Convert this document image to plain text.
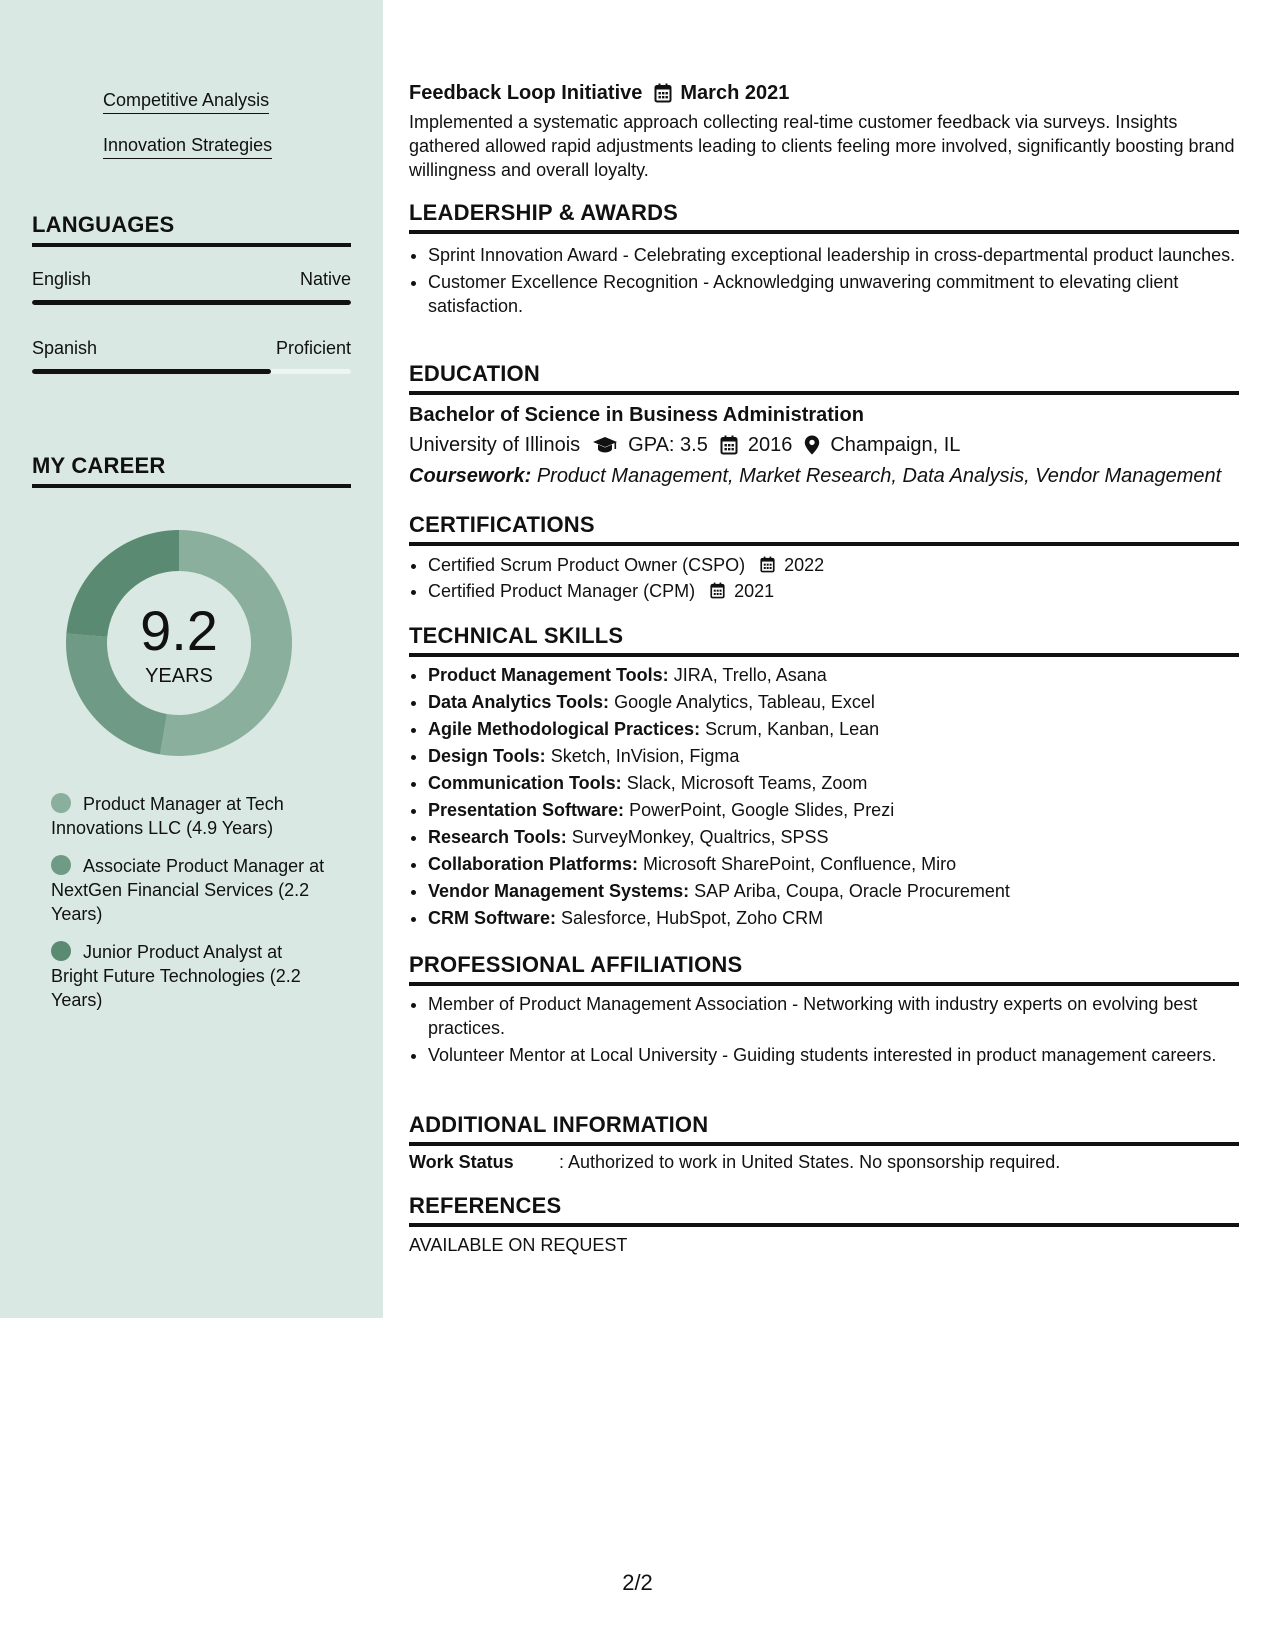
Competitive Analysis
Innovation Strategies
LANGUAGES
English	Native
Spanish	Proficient
MY CAREER
9.2
YEARS
Product Manager at Tech Innovations LLC (4.9 Years)
Associate Product Manager at NextGen Financial Services (2.2 Years)
Junior Product Analyst at Bright Future Technologies (2.2 Years)
Feedback Loop Initiative March 2021
Implemented a systematic approach collecting real-time customer feedback via surveys. Insights gathered allowed rapid adjustments leading to clients feeling more involved, significantly boosting brand willingness and overall loyalty.
LEADERSHIP & AWARDS
• Sprint Innovation Award - Celebrating exceptional leadership in cross-departmental product launches.
• Customer Excellence Recognition - Acknowledging unwavering commitment to elevating client satisfaction.
EDUCATION
Bachelor of Science in Business Administration
University of Illinois GPA: 3.5 2016 Champaign, IL
Coursework: Product Management, Market Research, Data Analysis, Vendor Management
CERTIFICATIONS
• Certified Scrum Product Owner (CSPO) 2022
• Certified Product Manager (CPM) 2021
TECHNICAL SKILLS
• Product Management Tools: JIRA, Trello, Asana
• Data Analytics Tools: Google Analytics, Tableau, Excel
• Agile Methodological Practices: Scrum, Kanban, Lean
• Design Tools: Sketch, InVision, Figma
• Communication Tools: Slack, Microsoft Teams, Zoom
• Presentation Software: PowerPoint, Google Slides, Prezi
• Research Tools: SurveyMonkey, Qualtrics, SPSS
• Collaboration Platforms: Microsoft SharePoint, Confluence, Miro
• Vendor Management Systems: SAP Ariba, Coupa, Oracle Procurement
• CRM Software: Salesforce, HubSpot, Zoho CRM
PROFESSIONAL AFFILIATIONS
• Member of Product Management Association - Networking with industry experts on evolving best practices.
• Volunteer Mentor at Local University - Guiding students interested in product management careers.
ADDITIONAL INFORMATION
Work Status	: Authorized to work in United States. No sponsorship required.
REFERENCES
AVAILABLE ON REQUEST
2/2
